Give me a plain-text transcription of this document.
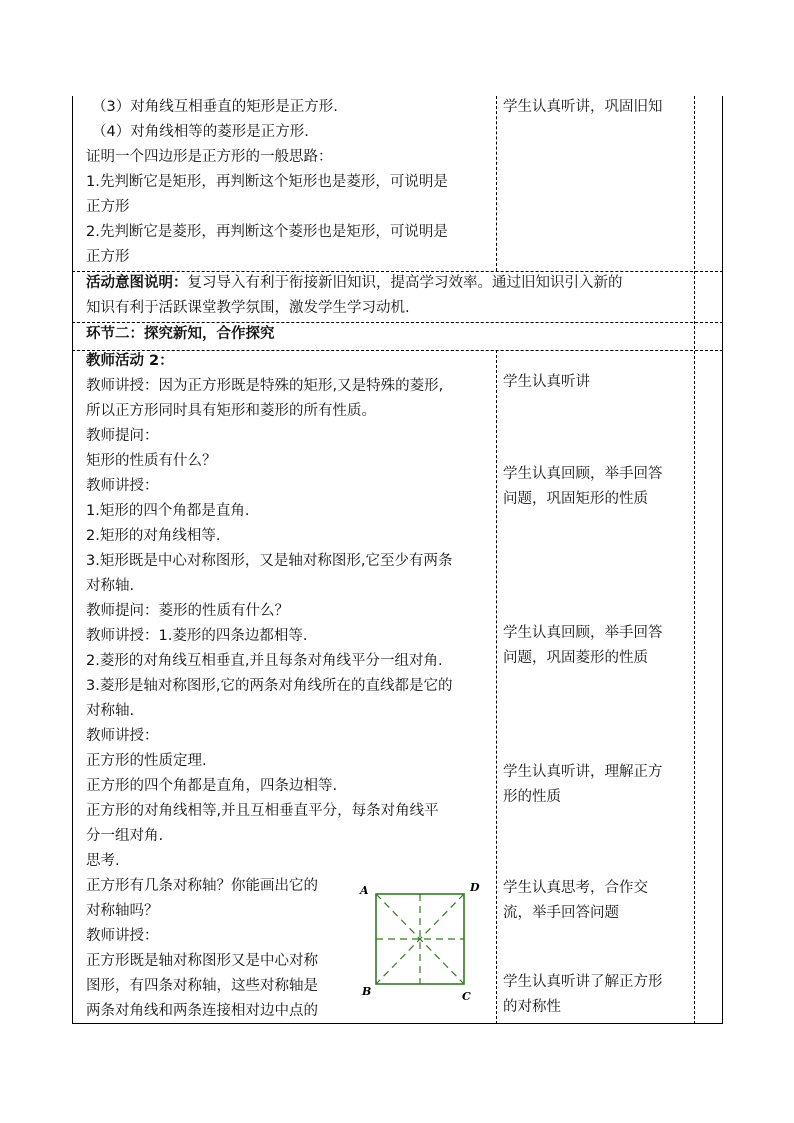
（3）对角线互相垂直的矩形是正方形.

（4）对角线相等的菱形是正方形.

证明一个四边形是正方形的一般思路：

1.先判断它是矩形，再判断这个矩形也是菱形，可说明是

正方形

2.先判断它是菱形，再判断这个菱形也是矩形，可说明是

正方形

学生认真听讲，巩固旧知

活动意图说明：复习导入有利于衔接新旧知识，提高学习效率。通过旧知识引入新的

知识有利于活跃课堂教学氛围，激发学生学习动机.

环节二：探究新知，合作探究

教师活动 2：

教师讲授：因为正方形既是特殊的矩形,又是特殊的菱形,

所以正方形同时具有矩形和菱形的所有性质。

教师提问：

矩形的性质有什么？

教师讲授：

1.矩形的四个角都是直角.

2.矩形的对角线相等.

3.矩形既是中心对称图形，又是轴对称图形,它至少有两条

对称轴.

教师提问：菱形的性质有什么？

教师讲授：1.菱形的四条边都相等.

2.菱形的对角线互相垂直,并且每条对角线平分一组对角.

3.菱形是轴对称图形,它的两条对角线所在的直线都是它的

对称轴.

教师讲授：

正方形的性质定理.

正方形的四个角都是直角，四条边相等.

正方形的对角线相等,并且互相垂直平分，每条对角线平

分一组对角.

思考.

正方形有几条对称轴？你能画出它的

对称轴吗？

教师讲授：

正方形既是轴对称图形又是中心对称

图形，有四条对称轴，这些对称轴是

两条对角线和两条连接相对边中点的

学生认真听讲
学生认真回顾，举手回答
问题，巩固矩形的性质
学生认真回顾，举手回答
问题，巩固菱形的性质
学生认真听讲，理解正方
形的性质
学生认真思考，合作交
流，举手回答问题
学生认真听讲了解正方形
的对称性
A	D
B	C
